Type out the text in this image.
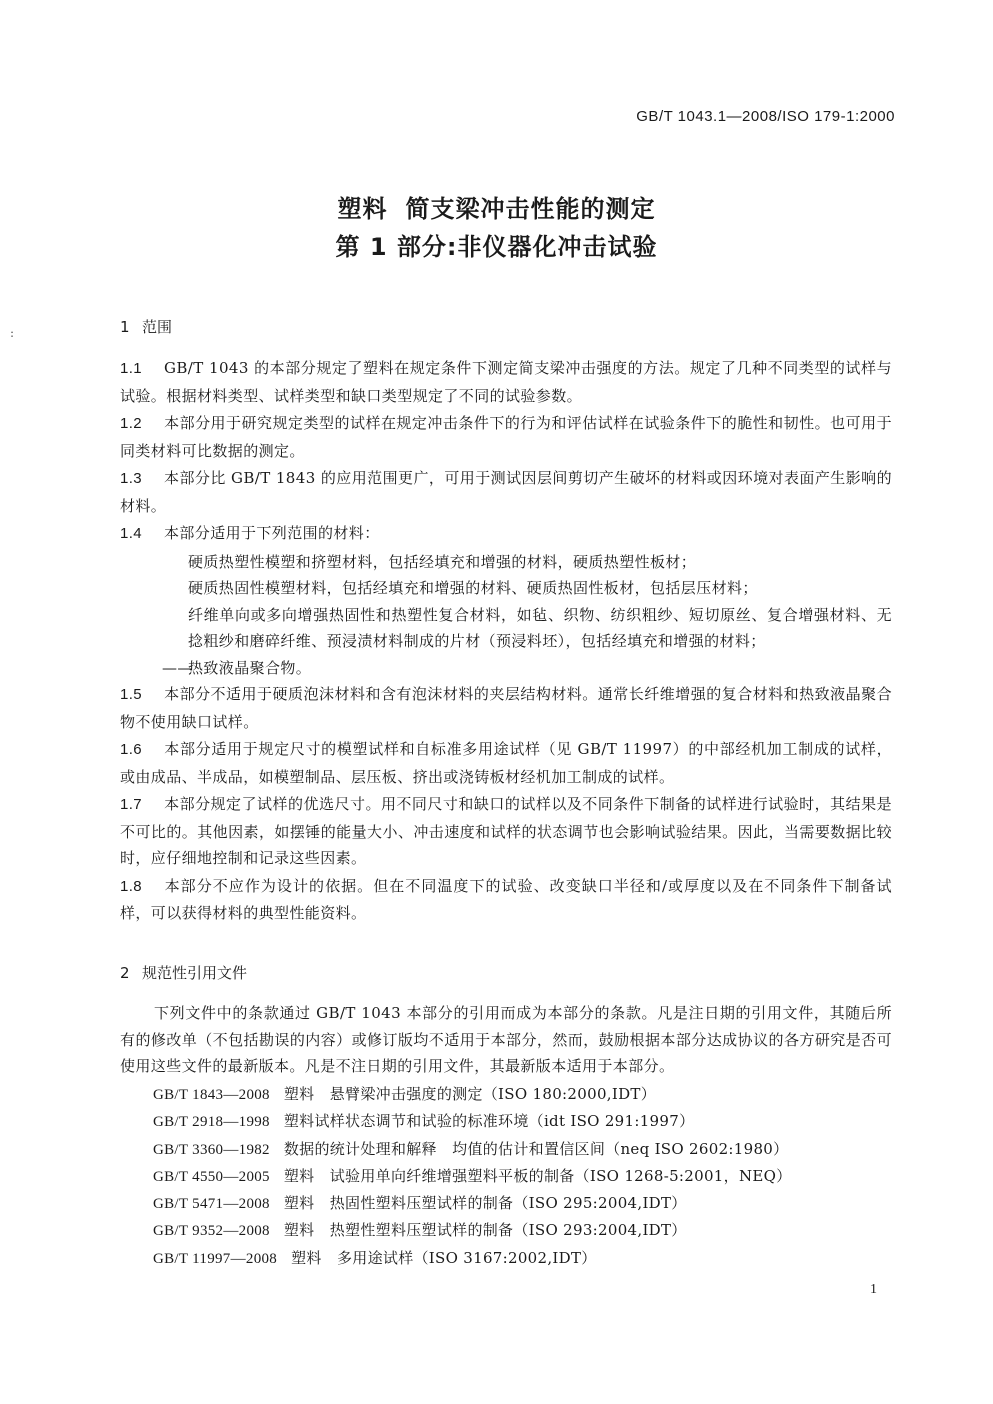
GB/T 1043.1—2008/ISO 179-1:2000
:
塑料 简支梁冲击性能的测定
第 1 部分:非仪器化冲击试验
1 范围

1.1 GB/T 1043 的本部分规定了塑料在规定条件下测定简支梁冲击强度的方法。规定了几种不同类型的试样与试验。根据材料类型、试样类型和缺口类型规定了不同的试验参数。

1.2 本部分用于研究规定类型的试样在规定冲击条件下的行为和评估试样在试验条件下的脆性和韧性。也可用于同类材料可比数据的测定。

1.3 本部分比 GB/T 1843 的应用范围更广，可用于测试因层间剪切产生破坏的材料或因环境对表面产生影响的材料。

1.4 本部分适用于下列范围的材料：

硬质热塑性模塑和挤塑材料，包括经填充和增强的材料，硬质热塑性板材；

硬质热固性模塑材料，包括经填充和增强的材料、硬质热固性板材，包括层压材料；

纤维单向或多向增强热固性和热塑性复合材料，如毡、织物、纺织粗纱、短切原丝、复合增强材料、无捻粗纱和磨碎纤维、预浸渍材料制成的片材（预浸料坯），包括经填充和增强的材料；

——热致液晶聚合物。

1.5 本部分不适用于硬质泡沫材料和含有泡沫材料的夹层结构材料。通常长纤维增强的复合材料和热致液晶聚合物不使用缺口试样。

1.6 本部分适用于规定尺寸的模塑试样和自标准多用途试样（见 GB/T 11997）的中部经机加工制成的试样，或由成品、半成品，如模塑制品、层压板、挤出或浇铸板材经机加工制成的试样。

1.7 本部分规定了试样的优选尺寸。用不同尺寸和缺口的试样以及不同条件下制备的试样进行试验时，其结果是不可比的。其他因素，如摆锤的能量大小、冲击速度和试样的状态调节也会影响试验结果。因此，当需要数据比较时，应仔细地控制和记录这些因素。

1.8 本部分不应作为设计的依据。但在不同温度下的试验、改变缺口半径和/或厚度以及在不同条件下制备试样，可以获得材料的典型性能资料。

2 规范性引用文件

下列文件中的条款通过 GB/T 1043 本部分的引用而成为本部分的条款。凡是注日期的引用文件，其随后所有的修改单（不包括勘误的内容）或修订版均不适用于本部分，然而，鼓励根据本部分达成协议的各方研究是否可使用这些文件的最新版本。凡是不注日期的引用文件，其最新版本适用于本部分。

GB/T 1843—2008 塑料　悬臂梁冲击强度的测定（ISO 180:2000,IDT）
GB/T 2918—1998 塑料试样状态调节和试验的标准环境（idt ISO 291:1997）
GB/T 3360—1982 数据的统计处理和解释　均值的估计和置信区间（neq ISO 2602:1980）
GB/T 4550—2005 塑料　试验用单向纤维增强塑料平板的制备（ISO 1268-5:2001，NEQ）
GB/T 5471—2008 塑料　热固性塑料压塑试样的制备（ISO 295:2004,IDT）
GB/T 9352—2008 塑料　热塑性塑料压塑试样的制备（ISO 293:2004,IDT）
GB/T 11997—2008 塑料　多用途试样（ISO 3167:2002,IDT）
1
